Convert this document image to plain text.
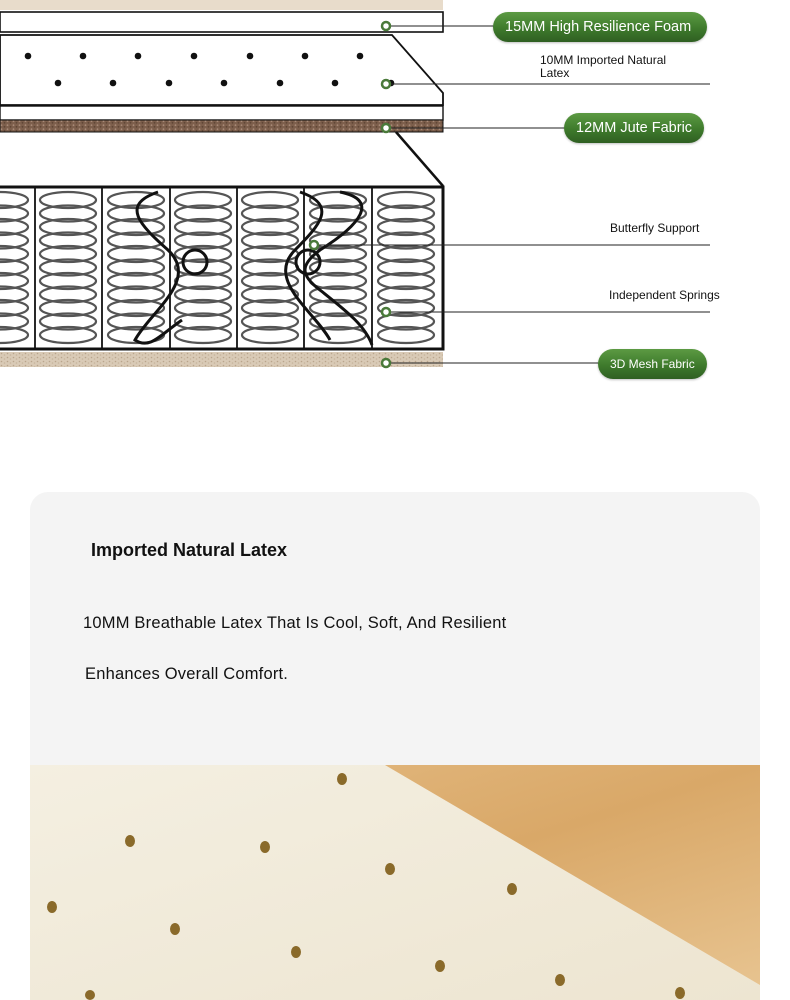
15MM High Resilience Foam
10MM Imported Natural Latex
12MM Jute Fabric
Butterfly Support
Independent Springs
3D Mesh Fabric
Imported Natural Latex
10MM Breathable Latex That Is Cool, Soft, And Resilient
Enhances Overall Comfort.
